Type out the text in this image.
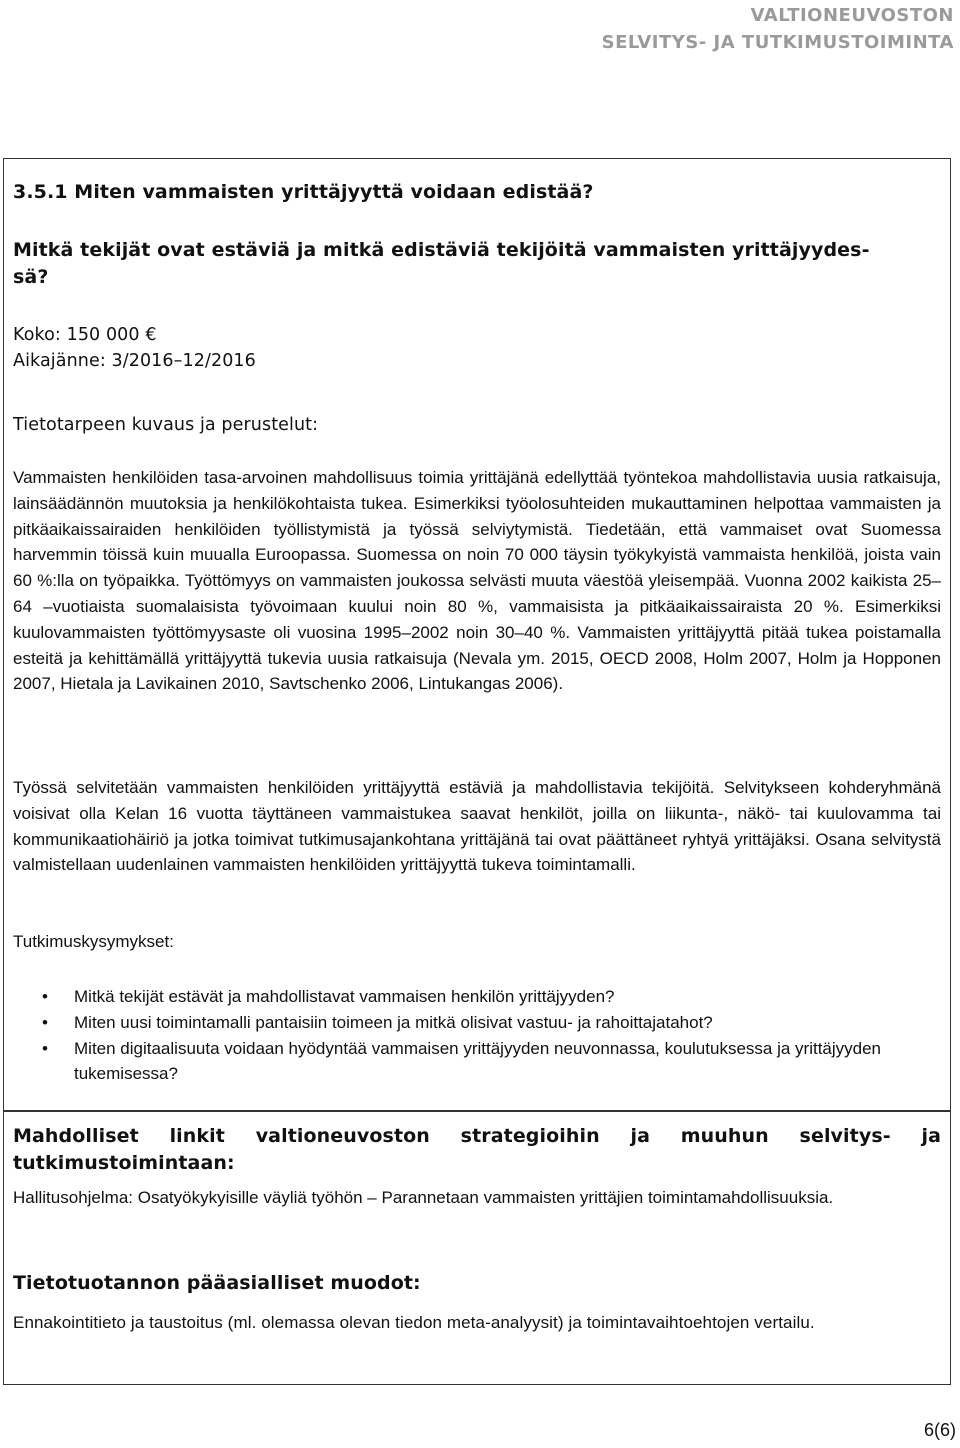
VALTIONEUVOSTON
SELVITYS- JA TUTKIMUSTOIMINTA
3.5.1 Miten vammaisten yrittäjyyttä voidaan edistää?
Mitkä tekijät ovat estäviä ja mitkä edistäviä tekijöitä vammaisten yrittäjyydes-
sä?
Koko: 150 000 €
Aikajänne: 3/2016–12/2016
Tietotarpeen kuvaus ja perustelut:
Vammaisten henkilöiden tasa-arvoinen mahdollisuus toimia yrittäjänä edellyttää työntekoa mahdollistavia uusia ratkaisuja, lainsäädännön muutoksia ja henkilökohtaista tukea. Esimerkiksi työolosuhteiden mukauttaminen helpottaa vammaisten ja pitkäaikaissairaiden henkilöiden työllistymistä ja työssä selviytymistä. Tiedetään, että vammaiset ovat Suomessa harvemmin töissä kuin muualla Euroopassa. Suomessa on noin 70 000 täysin työkykyistä vammaista henkilöä, joista vain 60 %:lla on työpaikka. Työttömyys on vammaisten joukossa selvästi muuta väestöä yleisempää. Vuonna 2002 kaikista 25–64 –vuotiaista suomalaisista työvoimaan kuului noin 80 %, vammaisista ja pitkäaikaissairaista 20 %. Esimerkiksi kuulovammaisten työttömyysaste oli vuosina 1995–2002 noin 30–40 %. Vammaisten yrittäjyyttä pitää tukea poistamalla esteitä ja kehittämällä yrittäjyyttä tukevia uusia ratkaisuja (Nevala ym. 2015, OECD 2008, Holm 2007, Holm ja Hopponen 2007, Hietala ja Lavikainen 2010, Savtschenko 2006, Lintukangas 2006).
Työssä selvitetään vammaisten henkilöiden yrittäjyyttä estäviä ja mahdollistavia tekijöitä. Selvitykseen kohderyhmänä voisivat olla Kelan 16 vuotta täyttäneen vammaistukea saavat henkilöt, joilla on liikunta-, näkö- tai kuulovamma tai kommunikaatiohäiriö ja jotka toimivat tutkimusajankohtana yrittäjänä tai ovat päättäneet ryhtyä yrittäjäksi. Osana selvitystä valmistellaan uudenlainen vammaisten henkilöiden yrittäjyyttä tukeva toimintamalli.
Tutkimuskysymykset:
• Mitkä tekijät estävät ja mahdollistavat vammaisen henkilön yrittäjyyden?
• Miten uusi toimintamalli pantaisiin toimeen ja mitkä olisivat vastuu- ja rahoittajatahot?
• Miten digitaalisuuta voidaan hyödyntää vammaisen yrittäjyyden neuvonnassa, koulutuksessa ja yrittäjyyden tukemisessa?
Mahdolliset linkit valtioneuvoston strategioihin ja muuhun selvitys- ja tutkimustoimintaan:
Hallitusohjelma: Osatyökykyisille väyliä työhön – Parannetaan vammaisten yrittäjien toimintamahdollisuuksia.
Tietotuotannon pääasialliset muodot:
Ennakointitieto ja taustoitus (ml. olemassa olevan tiedon meta-analyysit) ja toimintavaihtoehtojen vertailu.
6(6)
